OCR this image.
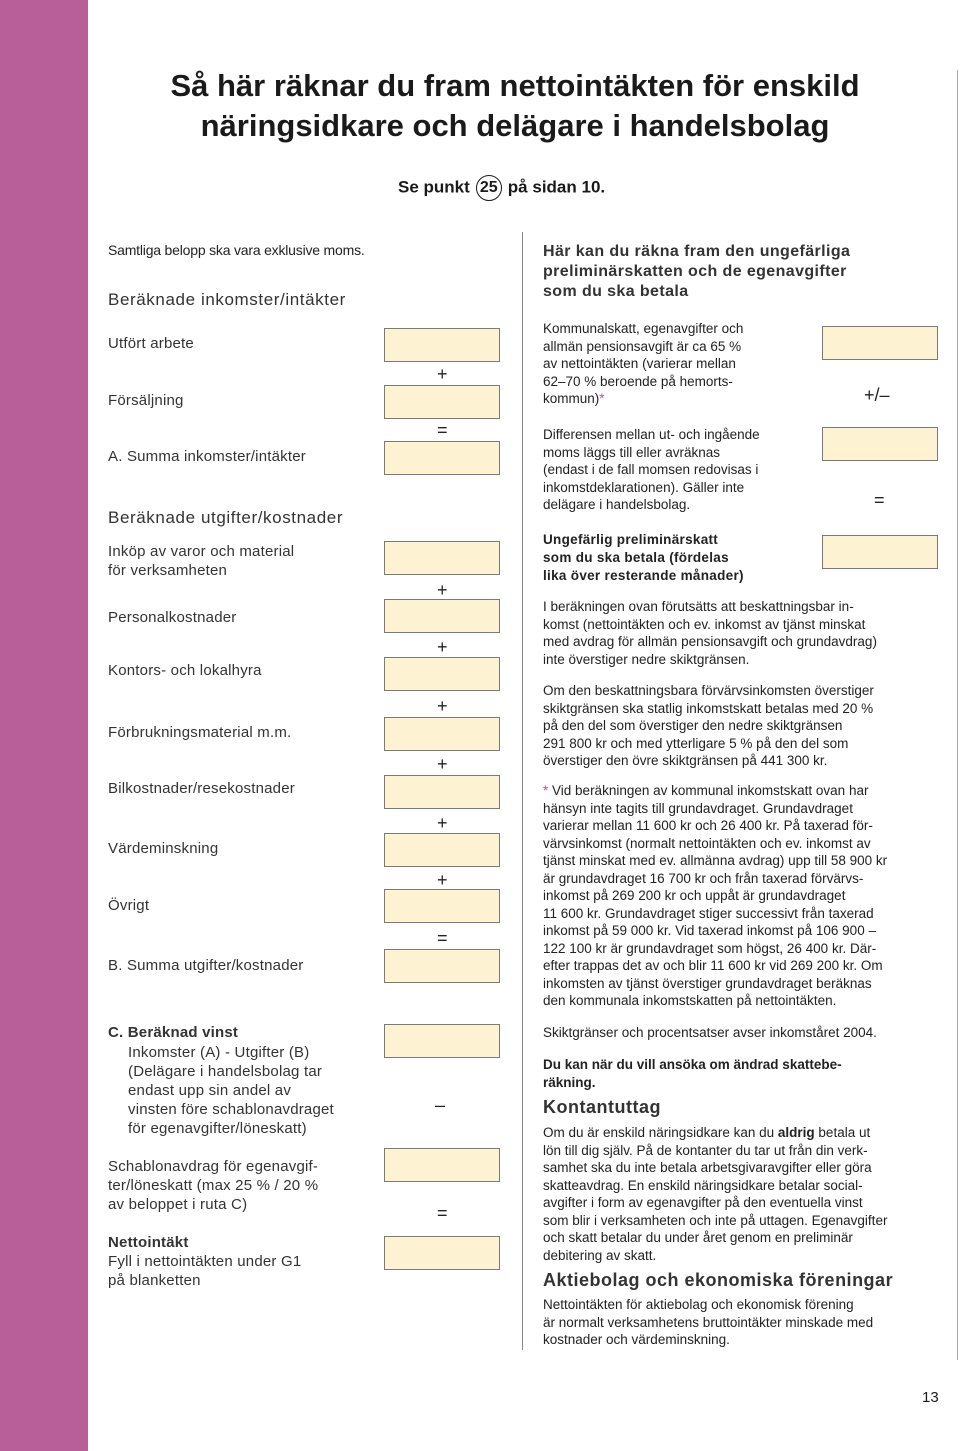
Så här räknar du fram nettointäkten för enskild
näringsidkare och delägare i handelsbolag
Se punkt 25 på sidan 10.
Samtliga belopp ska vara exklusive moms.
Beräknade inkomster/intäkter
Utfört arbete
Försäljning
A. Summa inkomster/intäkter
Beräknade utgifter/kostnader
Inköp av varor och material
för verksamheten
Personalkostnader
Kontors- och lokalhyra
Förbrukningsmaterial m.m.
Bilkostnader/resekostnader
Värdeminskning
Övrigt
B. Summa utgifter/kostnader
C. Beräknad vinst
Inkomster (A) - Utgifter (B)
(Delägare i handelsbolag tar
endast upp sin andel av
vinsten före schablonavdraget
för egenavgifter/löneskatt)
Schablonavdrag för egenavgif-
ter/löneskatt (max 25 % / 20 %
av beloppet i ruta C)
Nettointäkt
Fyll i nettointäkten under G1
på blanketten
+
=
+
+
+
+
+
+
=
–
=
Här kan du räkna fram den ungefärliga
preliminärskatten och de egenavgifter
som du ska betala
Kommunalskatt, egenavgifter och
allmän pensionsavgift är ca 65 %
av nettointäkten (varierar mellan
62–70 % beroende på hemorts-
kommun)*
Differensen mellan ut- och ingående
moms läggs till eller avräknas
(endast i de fall momsen redovisas i
inkomstdeklarationen). Gäller inte
delägare i handelsbolag.
Ungefärlig preliminärskatt
som du ska betala (fördelas
lika över resterande månader)
+/–
=
I beräkningen ovan förutsätts att beskattningsbar in-
komst (nettointäkten och ev. inkomst av tjänst minskat
med avdrag för allmän pensionsavgift och grundavdrag)
inte överstiger nedre skiktgränsen.
Om den beskattningsbara förvärvsinkomsten överstiger
skiktgränsen ska statlig inkomstskatt betalas med 20 %
på den del som överstiger den nedre skiktgränsen
291 800 kr och med ytterligare 5 % på den del som
överstiger den övre skiktgränsen på 441 300 kr.
* Vid beräkningen av kommunal inkomstskatt ovan har
hänsyn inte tagits till grundavdraget. Grundavdraget
varierar mellan 11 600 kr och 26 400 kr. På taxerad för-
värvsinkomst (normalt nettointäkten och ev. inkomst av
tjänst minskat med ev. allmänna avdrag) upp till 58 900 kr
är grundavdraget 16 700 kr och från taxerad förvärvs-
inkomst på 269 200 kr och uppåt är grundavdraget
11 600 kr. Grundavdraget stiger successivt från taxerad
inkomst på 59 000 kr. Vid taxerad inkomst på 106 900 –
122 100 kr är grundavdraget som högst, 26 400 kr. Där-
efter trappas det av och blir 11 600 kr vid 269 200 kr. Om
inkomsten av tjänst överstiger grundavdraget beräknas
den kommunala inkomstskatten på nettointäkten.
Skiktgränser och procentsatser avser inkomståret 2004.
Du kan när du vill ansöka om ändrad skattebe-
räkning.
Kontantuttag
Om du är enskild näringsidkare kan du aldrig betala ut
lön till dig själv. På de kontanter du tar ut från din verk-
samhet ska du inte betala arbetsgivaravgifter eller göra
skatteavdrag. En enskild näringsidkare betalar social-
avgifter i form av egenavgifter på den eventuella vinst
som blir i verksamheten och inte på uttagen. Egenavgifter
och skatt betalar du under året genom en preliminär
debitering av skatt.
Aktiebolag och ekonomiska föreningar
Nettointäkten för aktiebolag och ekonomisk förening
är normalt verksamhetens bruttointäkter minskade med
kostnader och värdeminskning.
13
